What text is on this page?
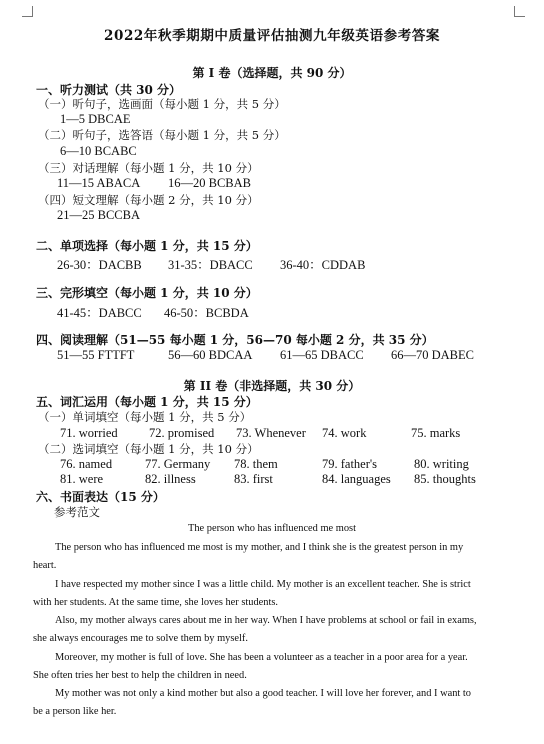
2022年秋季期期中质量评估抽测九年级英语参考答案
第 I 卷（选择题，共 90 分）
一、听力测试（共 30 分）
（一）听句子，选画面（每小题 1 分，共 5 分）
1—5 DBCAE
（二）听句子，选答语（每小题 1 分，共 5 分）
6—10 BCABC
（三）对话理解（每小题 1 分，共 10 分）
11—15 ABACA 16—20 BCBAB
（四）短文理解（每小题 2 分，共 10 分）
21—25 BCCBA
二、单项选择（每小题 1 分，共 15 分）
26-30：DACBB 31-35：DBACC 36-40：CDDAB
三、完形填空（每小题 1 分，共 10 分）
41-45：DABCC 46-50：BCBDA
四、阅读理解（51—55 每小题 1 分，56—70 每小题 2 分，共 35 分）
51—55 FTTFT	56—60 BDCAA 61—65 DBACC 66—70 DABEC
第 II 卷（非选择题，共 30 分）
五、词汇运用（每小题 1 分，共 15 分）
（一）单词填空（每小题 1 分，共 5 分）
71. worried	72. promised 73. Whenever 74. work	75. marks
（二）选词填空（每小题 1 分，共 10 分）
76. named	77. Germany 78. them	79. father's	80. writing
81. were	82. illness	83. first	84. languages 85. thoughts
六、书面表达（15 分）
参考范文
The person who has influenced me most
The person who has influenced me most is my mother, and I think she is the greatest person in my
heart.
I have respected my mother since I was a little child. My mother is an excellent teacher. She is strict
with her students. At the same time, she loves her students.
Also, my mother always cares about me in her way. When I have problems at school or fail in exams,
she always encourages me to solve them by myself.
Moreover, my mother is full of love. She has been a volunteer as a teacher in a poor area for a year.
She often tries her best to help the children in need.
My mother was not only a kind mother but also a good teacher. I will love her forever, and I want to
be a person like her.
